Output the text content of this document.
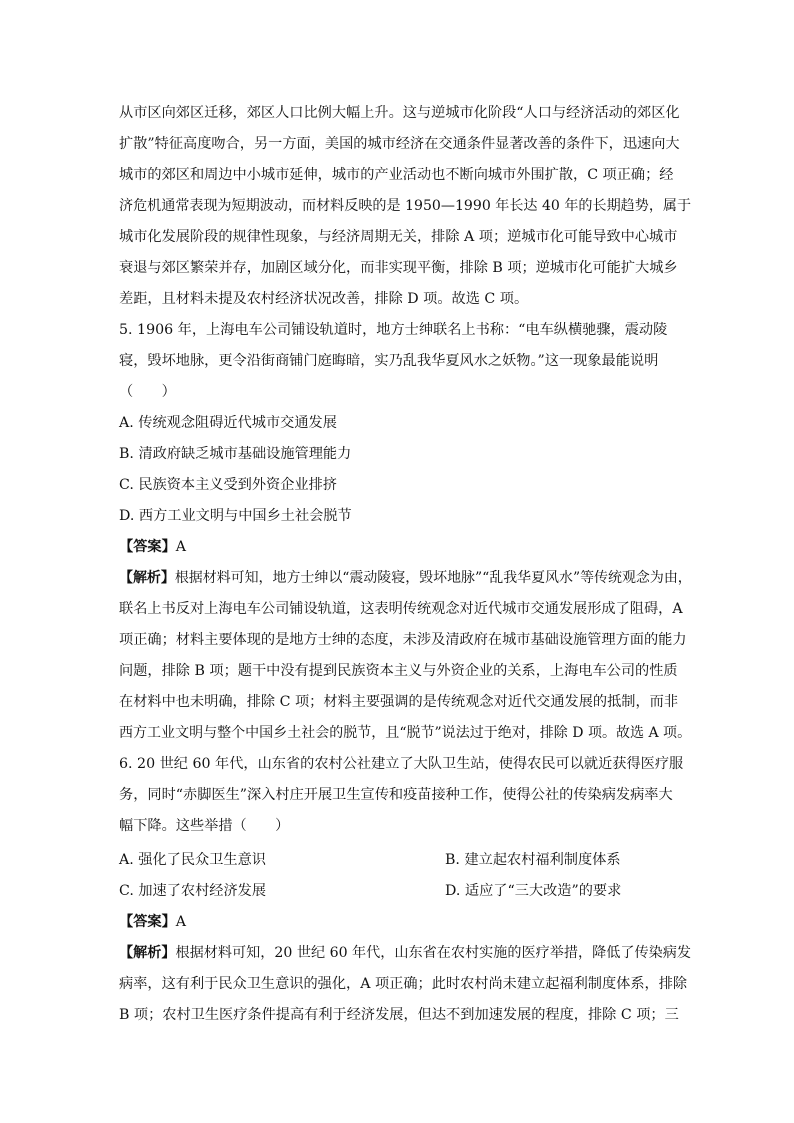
从市区向郊区迁移，郊区人口比例大幅上升。这与逆城市化阶段“人口与经济活动的郊区化
扩散”特征高度吻合，另一方面，美国的城市经济在交通条件显著改善的条件下，迅速向大
城市的郊区和周边中小城市延伸，城市的产业活动也不断向城市外围扩散，C 项正确；经
济危机通常表现为短期波动，而材料反映的是 1950—1990 年长达 40 年的长期趋势，属于
城市化发展阶段的规律性现象，与经济周期无关，排除 A 项；逆城市化可能导致中心城市
衰退与郊区繁荣并存，加剧区域分化，而非实现平衡，排除 B 项；逆城市化可能扩大城乡
差距，且材料未提及农村经济状况改善，排除 D 项。故选 C 项。
5. 1906 年，上海电车公司铺设轨道时，地方士绅联名上书称：“电车纵横驰骤，震动陵
寝，毁坏地脉，更令沿街商铺门庭晦暗，实乃乱我华夏风水之妖物。”这一现象最能说明
（　　）
A. 传统观念阻碍近代城市交通发展
B. 清政府缺乏城市基础设施管理能力
C. 民族资本主义受到外资企业排挤
D. 西方工业文明与中国乡土社会脱节
【答案】A
【解析】根据材料可知，地方士绅以“震动陵寝，毁坏地脉”“乱我华夏风水”等传统观念为由，
联名上书反对上海电车公司铺设轨道，这表明传统观念对近代城市交通发展形成了阻碍，A
项正确；材料主要体现的是地方士绅的态度，未涉及清政府在城市基础设施管理方面的能力
问题，排除 B 项；题干中没有提到民族资本主义与外资企业的关系，上海电车公司的性质
在材料中也未明确，排除 C 项；材料主要强调的是传统观念对近代交通发展的抵制，而非
西方工业文明与整个中国乡土社会的脱节，且“脱节”说法过于绝对，排除 D 项。故选 A 项。
6. 20 世纪 60 年代，山东省的农村公社建立了大队卫生站，使得农民可以就近获得医疗服
务，同时“赤脚医生”深入村庄开展卫生宣传和疫苗接种工作，使得公社的传染病发病率大
幅下降。这些举措（　　）
A. 强化了民众卫生意识	B. 建立起农村福利制度体系
C. 加速了农村经济发展	D. 适应了“三大改造”的要求
【答案】A
【解析】根据材料可知，20 世纪 60 年代，山东省在农村实施的医疗举措，降低了传染病发
病率，这有利于民众卫生意识的强化，A 项正确；此时农村尚未建立起福利制度体系，排除
B 项；农村卫生医疗条件提高有利于经济发展，但达不到加速发展的程度，排除 C 项；三
